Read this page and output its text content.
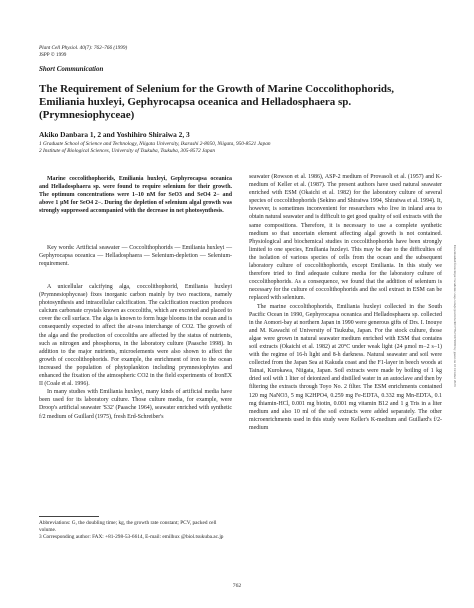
Plant Cell Physiol. 40(7): 762–766 (1999)
JSPP © 1999
Short Communication
The Requirement of Selenium for the Growth of Marine Coccolithophorids, Emiliania huxleyi, Gephyrocapsa oceanica and Helladosphaera sp. (Prymnesiophyceae)
Akiko Danbara 1, 2 and Yoshihiro Shiraiwa 2, 3
1 Graduate School of Science and Technology, Niigata University, Ikarashi 2-8050, Niigata, 950-8521 Japan
2 Institute of Biological Sciences, University of Tsukuba, Tsukuba, 305-8572 Japan

Marine coccolithophorids, Emiliania huxleyi, Gephyrocapsa oceanica and Helladosphaera sp. were found to require selenium for their growth. The optimum concentrations were 1–10 nM for SeO3 and SeO4 2− and above 1 μM for SeO4 2−. During the depletion of selenium algal growth was strongly suppressed accompanied with the decrease in net photosynthesis.

Key words: Artificial seawater — Coccolithophorids — Emiliania huxleyi — Gephyrocapsa oceanica — Helladosphaera — Selenium-depletion — Selenium-requirement.

A unicellular calcifying alga, coccolithophorid, Emiliania huxleyi (Prymnesiophyceae) fixes inorganic carbon mainly by two reactions, namely photosynthesis and intracellular calcification. The calcification reaction produces calcium carbonate crystals known as coccoliths, which are excreted and placed to cover the cell surface. The alga is known to form huge blooms in the ocean and is consequently expected to affect the air-sea interchange of CO2. The growth of the alga and the production of coccoliths are affected by the status of nutrients, such as nitrogen and phosphorus, in the laboratory culture (Paasche 1998). In addition to the major nutrients, microelements were also shown to affect the growth of coccolithophorids. For example, the enrichment of iron to the ocean increased the population of phytoplankton including prymnesiophytes and enhanced the fixation of the atmospheric CO2 in the field experiments of IronEX II (Coale et al. 1996).

In many studies with Emiliania huxleyi, many kinds of artificial media have been used for its laboratory culture. Those culture media, for example, were Droop's artificial seawater 'S32' (Paasche 1964), seawater enriched with synthetic f/2 medium of Guillard (1975), fresh Erd-Schreiber's

Abbreviations: G, the doubling time; kg, the growth rate constant; PCV, packed cell volume.
3 Corresponding author: FAX: +81-298-53-6614, E-mail: emilhux @biol.tsukuba.ac.jp

seawater (Rowson et al. 1986), ASP-2 medium of Provasoli et al. (1957) and K-medium of Keller et al. (1987). The present authors have used natural seawater enriched with ESM (Okaichi et al. 1982) for the laboratory culture of several species of coccolithophorids (Sekino and Shiraiwa 1994, Shiraiwa et al. 1994). It, however, is sometimes inconvenient for researchers who live in inland area to obtain natural seawater and is difficult to get good quality of soil extracts with the same compositions. Therefore, it is necessary to use a complete synthetic medium so that uncertain element affecting algal growth is not contained. Physiological and biochemical studies in coccolithophorids have been strongly limited to one species, Emiliania huxleyi. This may be due to the difficulties of the isolation of various species of cells from the ocean and the subsequent laboratory culture of coccolithophorids, except Emiliania. In this study we therefore tried to find adequate culture media for the laboratory culture of coccolithophorids. As a consequence, we found that the addition of selenium is necessary for the culture of coccolithophorids and the soil extract in ESM can be replaced with selenium.

The marine coccolithophorids, Emiliania huxleyi collected in the South Pacific Ocean in 1990, Gephyrocapsa oceanica and Helladosphaera sp. collected in the Aomori-bay at northern Japan in 1990 were generous gifts of Drs. I. Inouye and M. Kawachi of University of Tsukuba, Japan. For the stock culture, those algae were grown in natural seawater medium enriched with ESM that contains soil extracts (Okaichi et al. 1982) at 20°C under weak light (24 μmol m−2 s−1) with the regime of 16-h light and 8-h darkness. Natural seawater and soil were collected from the Japan Sea at Kakuda coast and the F1-layer in beech woods at Tainai, Kurokawa, Niigata, Japan. Soil extracts were made by boiling of 1 kg dried soil with 1 liter of deionized and distilled water in an autoclave and then by filtering the extracts through Toyo No. 2 filter. The ESM enrichments contained 120 mg NaNO3, 5 mg K2HPO4, 0.259 mg Fe-EDTA, 0.332 mg Mn-EDTA, 0.1 mg thiamin-HCl, 0.001 mg biotin, 0.001 mg vitamin B12 and 1 g Tris in a liter medium and also 10 ml of the soil extracts were added separately. The other microenrichments used in this study were Keller's K-medium and Guillard's f/2-medium

762
Downloaded from https://academic.oup.com/pcp/article/40/7/762/1874589 by guest on 10 October 2023
